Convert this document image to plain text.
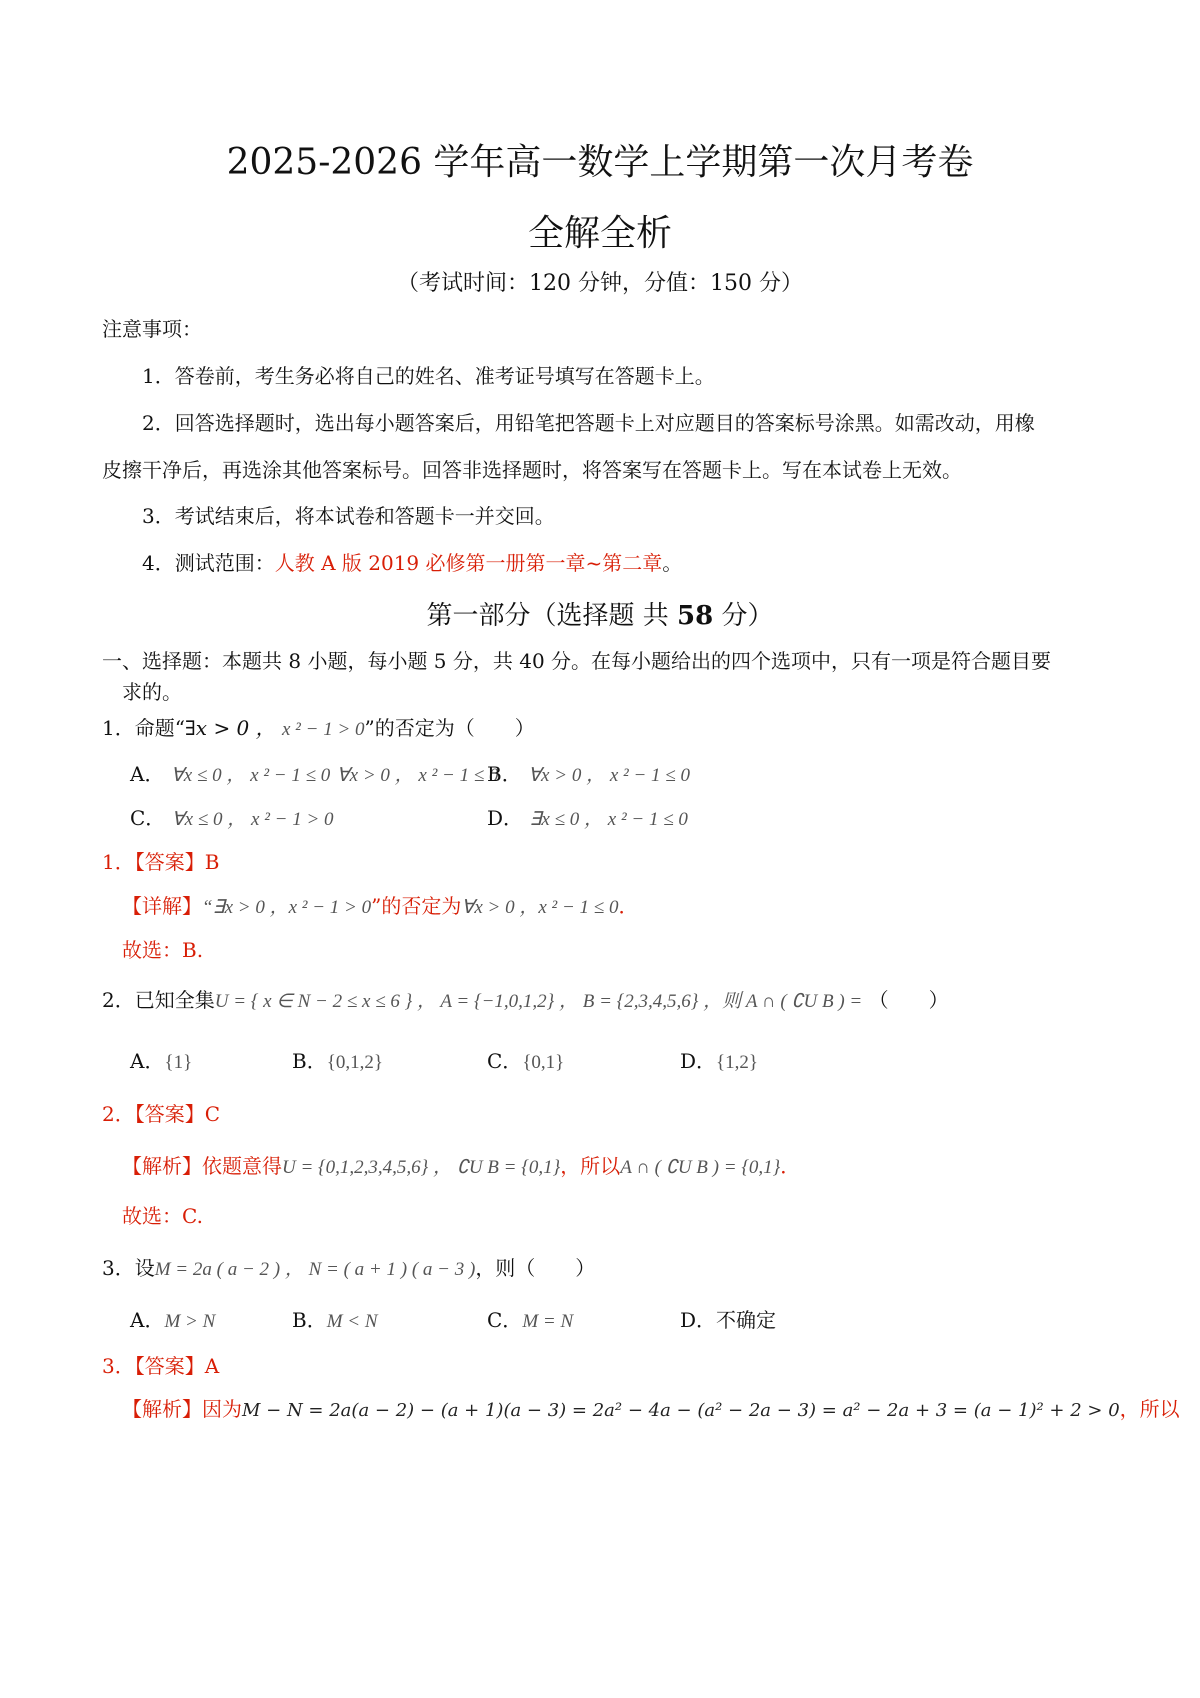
2025-2026 学年高一数学上学期第一次月考卷
全解全析
（考试时间：120 分钟，分值：150 分）
注意事项：
1．答卷前，考生务必将自己的姓名、准考证号填写在答题卡上。
2．回答选择题时，选出每小题答案后，用铅笔把答题卡上对应题目的答案标号涂黑。如需改动，用橡
皮擦干净后，再选涂其他答案标号。回答非选择题时，将答案写在答题卡上。写在本试卷上无效。
3．考试结束后，将本试卷和答题卡一并交回。
4．测试范围：人教 A 版 2019 必修第一册第一章~第二章。
第一部分（选择题 共 58 分）
一、选择题：本题共 8 小题，每小题 5 分，共 40 分。在每小题给出的四个选项中，只有一项是符合题目要
求的。
1．命题“∃x > 0 ， x ² − 1 > 0”的否定为（　　）
A． ∀x ≤ 0 ， x ² − 1 ≤ 0 ∀x > 0 ， x ² − 1 ≤ 0
B． ∀x > 0 ， x ² − 1 ≤ 0
C． ∀x ≤ 0 ， x ² − 1 > 0	D． ∃x ≤ 0 ， x ² − 1 ≤ 0
1．【答案】B
【详解】“∃x > 0 ，x ² − 1 > 0”的否定为∀x > 0 ，x ² − 1 ≤ 0．
故选：B.
2．已知全集U = { x ∈ N − 2 ≤ x ≤ 6 } ， A = {−1,0,1,2} ， B = {2,3,4,5,6} ，则 A ∩ ( ∁U B ) = （　　）
A．{1}	B．{0,1,2}	C．{0,1}	D．{1,2}
2．【答案】C
【解析】依题意得U = {0,1,2,3,4,5,6} ， ∁U B = {0,1}，所以A ∩ ( ∁U B ) = {0,1}．
故选：C.
3．设M = 2a ( a − 2 ) ， N = ( a + 1 ) ( a − 3 )，则（　　）
A．M > N	B．M < N	C．M = N	D．不确定
3．【答案】A
【解析】因为M − N = 2a(a − 2) − (a + 1)(a − 3) = 2a² − 4a − (a² − 2a − 3) = a² − 2a + 3 = (a − 1)² + 2 > 0，所以
